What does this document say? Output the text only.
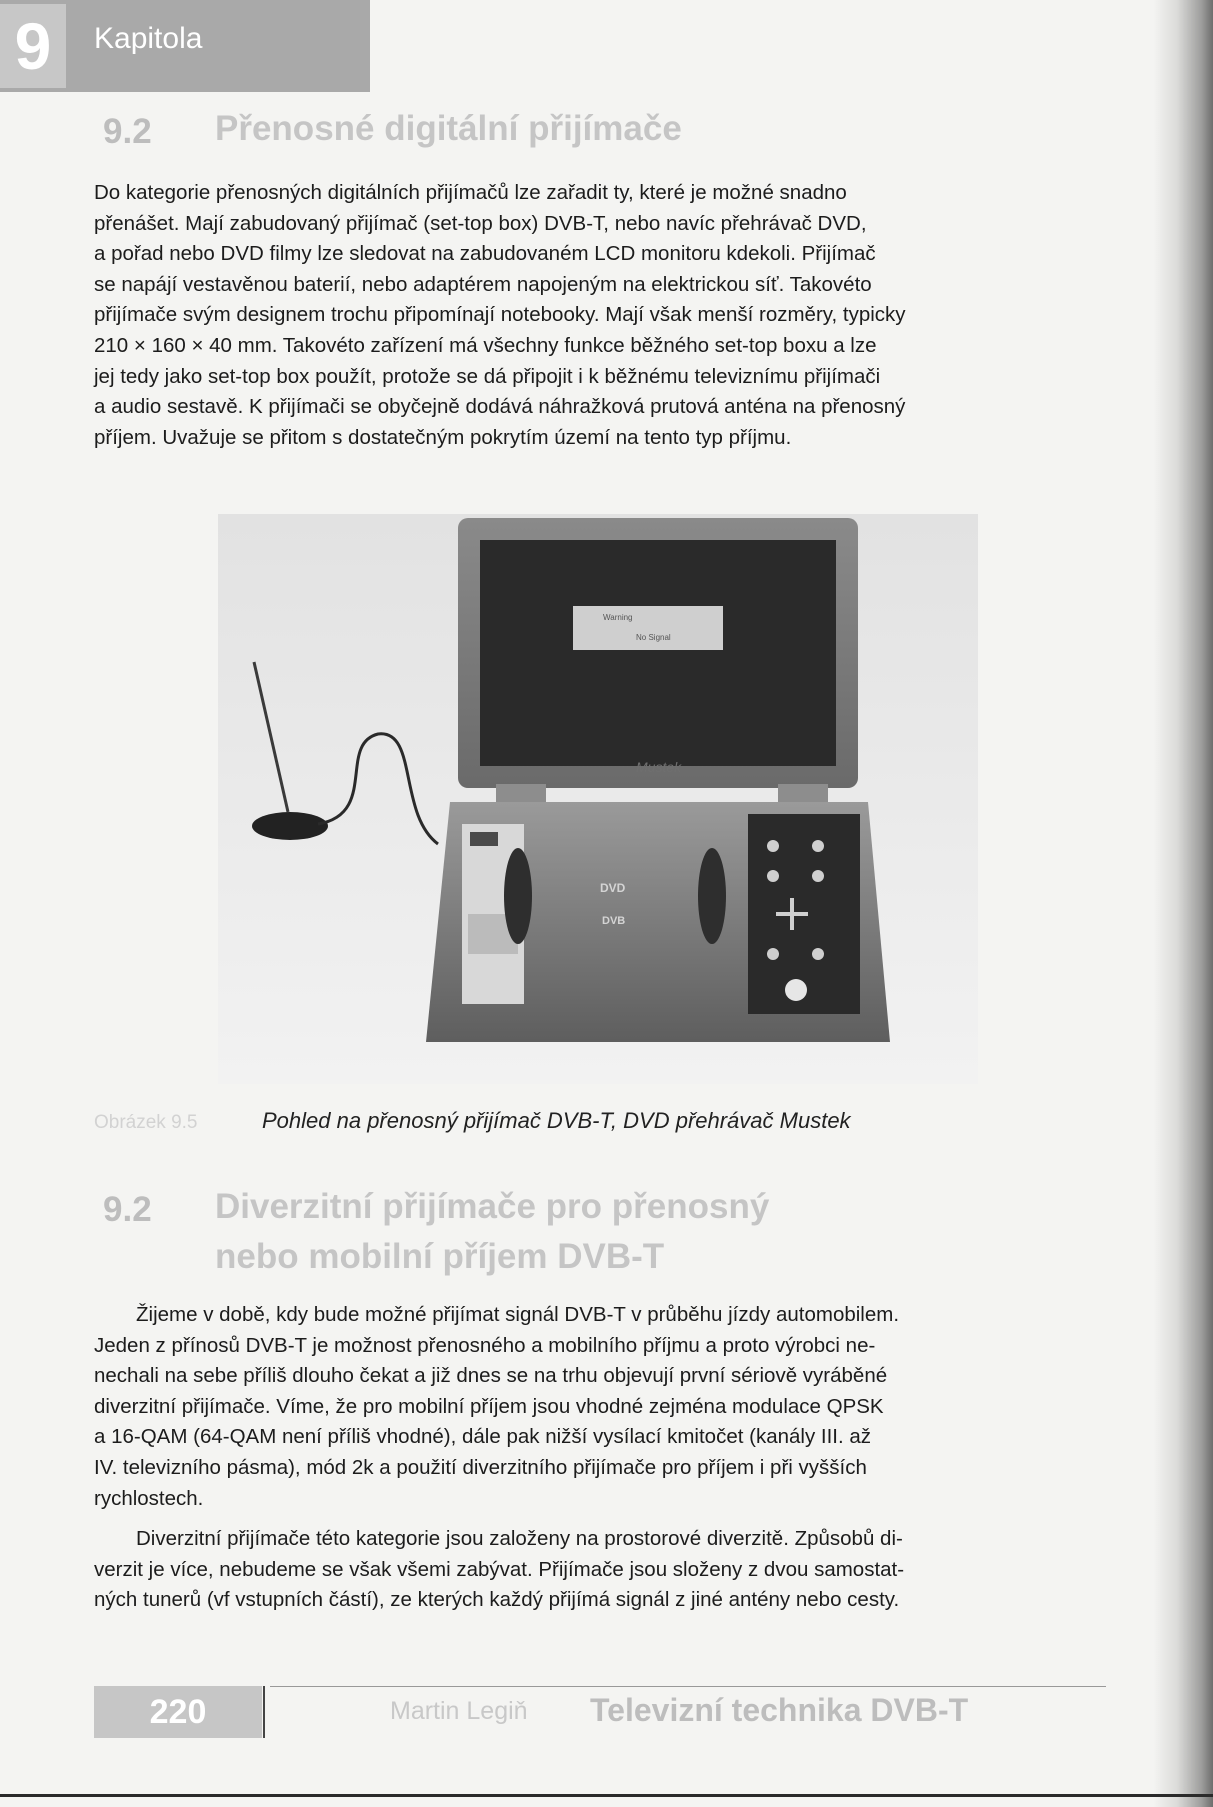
9	Kapitola
9.2 Přenosné digitální přijímače
Do kategorie přenosných digitálních přijímačů lze zařadit ty, které je možné snadno
přenášet. Mají zabudovaný přijímač (set-top box) DVB-T, nebo navíc přehrávač DVD,
a pořad nebo DVD filmy lze sledovat na zabudovaném LCD monitoru kdekoli. Přijímač
se napájí vestavěnou baterií, nebo adaptérem napojeným na elektrickou síť. Takovéto
přijímače svým designem trochu připomínají notebooky. Mají však menší rozměry, typicky
210 × 160 × 40 mm. Takovéto zařízení má všechny funkce běžného set-top boxu a lze
jej tedy jako set-top box použít, protože se dá připojit i k běžnému televiznímu přijímači
a audio sestavě. K přijímači se obyčejně dodává náhražková prutová anténa na přenosný
příjem. Uvažuje se přitom s dostatečným pokrytím území na tento typ příjmu.
Warning
No Signal
Mustek
DVD
DVB
Obrázek 9.5	Pohled na přenosný přijímač DVB-T, DVD přehrávač Mustek
9.2 Diverzitní přijímače pro přenosný
nebo mobilní příjem DVB-T
Žijeme v době, kdy bude možné přijímat signál DVB-T v průběhu jízdy automobilem.
Jeden z přínosů DVB-T je možnost přenosného a mobilního příjmu a proto výrobci ne-
nechali na sebe příliš dlouho čekat a již dnes se na trhu objevují první sériově vyráběné
diverzitní přijímače. Víme, že pro mobilní příjem jsou vhodné zejména modulace QPSK
a 16-QAM (64-QAM není příliš vhodné), dále pak nižší vysílací kmitočet (kanály III. až
IV. televizního pásma), mód 2k a použití diverzitního přijímače pro příjem i při vyšších
rychlostech.
Diverzitní přijímače této kategorie jsou založeny na prostorové diverzitě. Způsobů di-
verzit je více, nebudeme se však všemi zabývat. Přijímače jsou složeny z dvou samostat-
ných tunerů (vf vstupních částí), ze kterých každý přijímá signál z jiné antény nebo cesty.
220	Martin Legiň Televizní technika DVB-T
